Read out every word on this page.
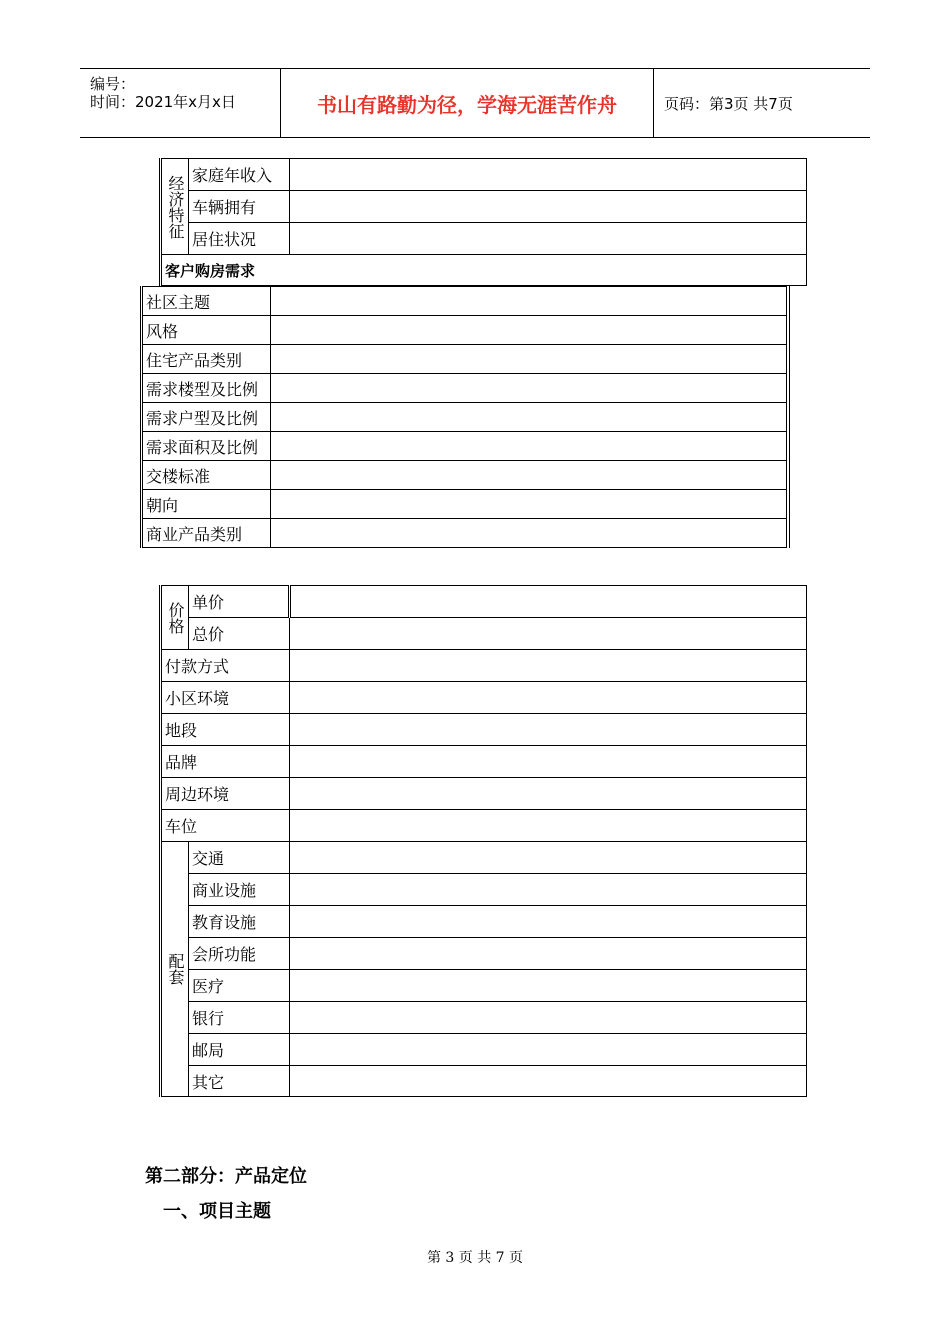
编号：
时间：2021年x月x日	书山有路勤为径，学海无涯苦作舟	页码：第3页 共7页
经济特征	家庭年收入	
	车辆拥有	
	居住状况	
客户购房需求		
社区主题	
风格	
住宅产品类别	
需求楼型及比例	
需求户型及比例	
需求面积及比例	
交楼标准	
朝向	
商业产品类别	
价格	单价	
	总价	
付款方式		
小区环境		
地段		
品牌		
周边环境		
车位		
配套	交通	
	商业设施	
	教育设施	
	会所功能	
	医疗	
	银行	
	邮局	
	其它	
第二部分：产品定位
一、项目主题
第 3 页 共 7 页
